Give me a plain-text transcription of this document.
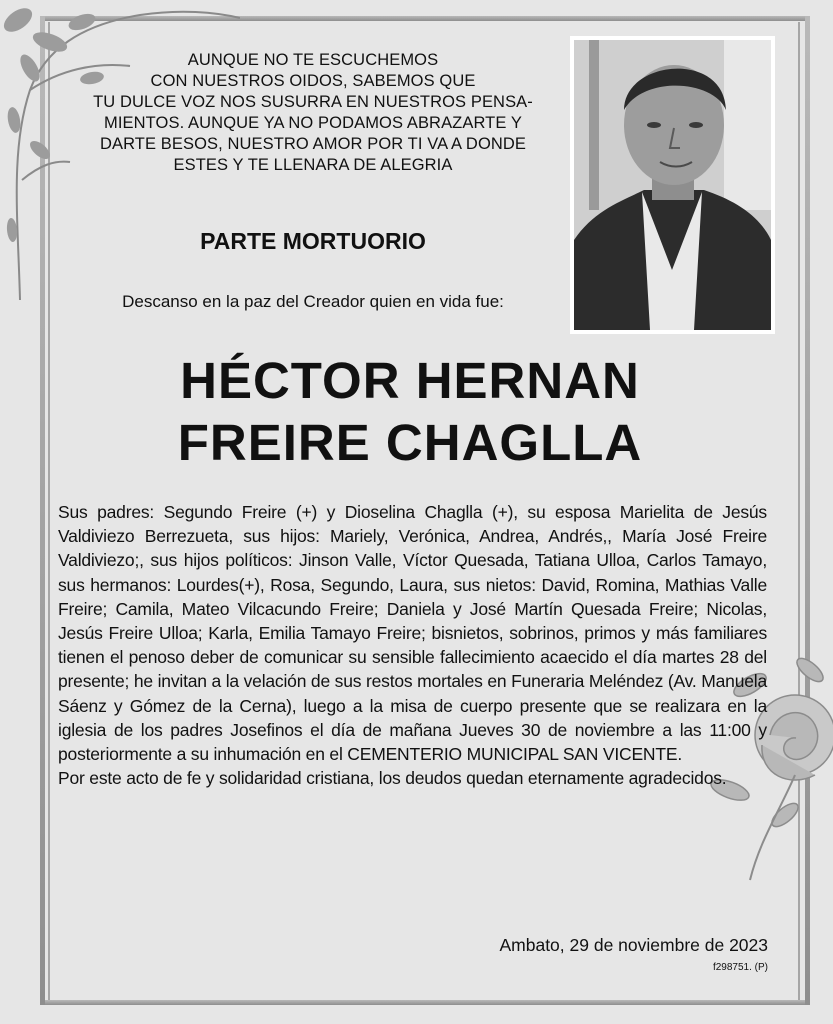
AUNQUE NO TE ESCUCHEMOS
CON NUESTROS OIDOS, SABEMOS QUE
TU DULCE VOZ NOS SUSURRA EN NUESTROS PENSA-
MIENTOS. AUNQUE YA NO PODAMOS ABRAZARTE Y
DARTE BESOS, NUESTRO AMOR POR TI VA A DONDE
ESTES Y TE LLENARA DE ALEGRIA
PARTE MORTUORIO
Descanso en la paz del Creador quien en vida fue:
HÉCTOR HERNAN
FREIRE CHAGLLA

Sus padres: Segundo Freire (+) y Dioselina Chaglla (+), su esposa Marielita de Jesús Valdiviezo Berrezueta, sus hijos: Mariely, Verónica, Andrea, Andrés,, María José Freire Valdiviezo;, sus hijos políticos: Jinson Valle, Víctor Quesada, Tatiana Ulloa, Carlos Tamayo, sus hermanos: Lourdes(+), Rosa, Segundo, Laura, sus nietos: David, Romina, Mathias Valle Freire; Camila, Mateo Vilcacundo Freire; Daniela y José Martín Quesada Freire; Nicolas, Jesús Freire Ulloa; Karla, Emilia Tamayo Freire; bisnietos, sobrinos, primos y más familiares tienen el penoso deber de comunicar su sensible fallecimiento acaecido el día martes 28 del presente; he invitan a la velación de sus restos mortales en Funeraria Meléndez (Av. Manuela Sáenz y Gómez de la Cerna), luego a la misa de cuerpo presente que se realizara en la iglesia de los padres Josefinos el día de mañana Jueves 30 de noviembre a las 11:00 y posteriormente a su inhumación en el CEMENTERIO MUNICIPAL SAN VICENTE.

Por este acto de fe y solidaridad cristiana, los deudos quedan eternamente agradecidos.

Ambato, 29 de noviembre de 2023
f298751. (P)
